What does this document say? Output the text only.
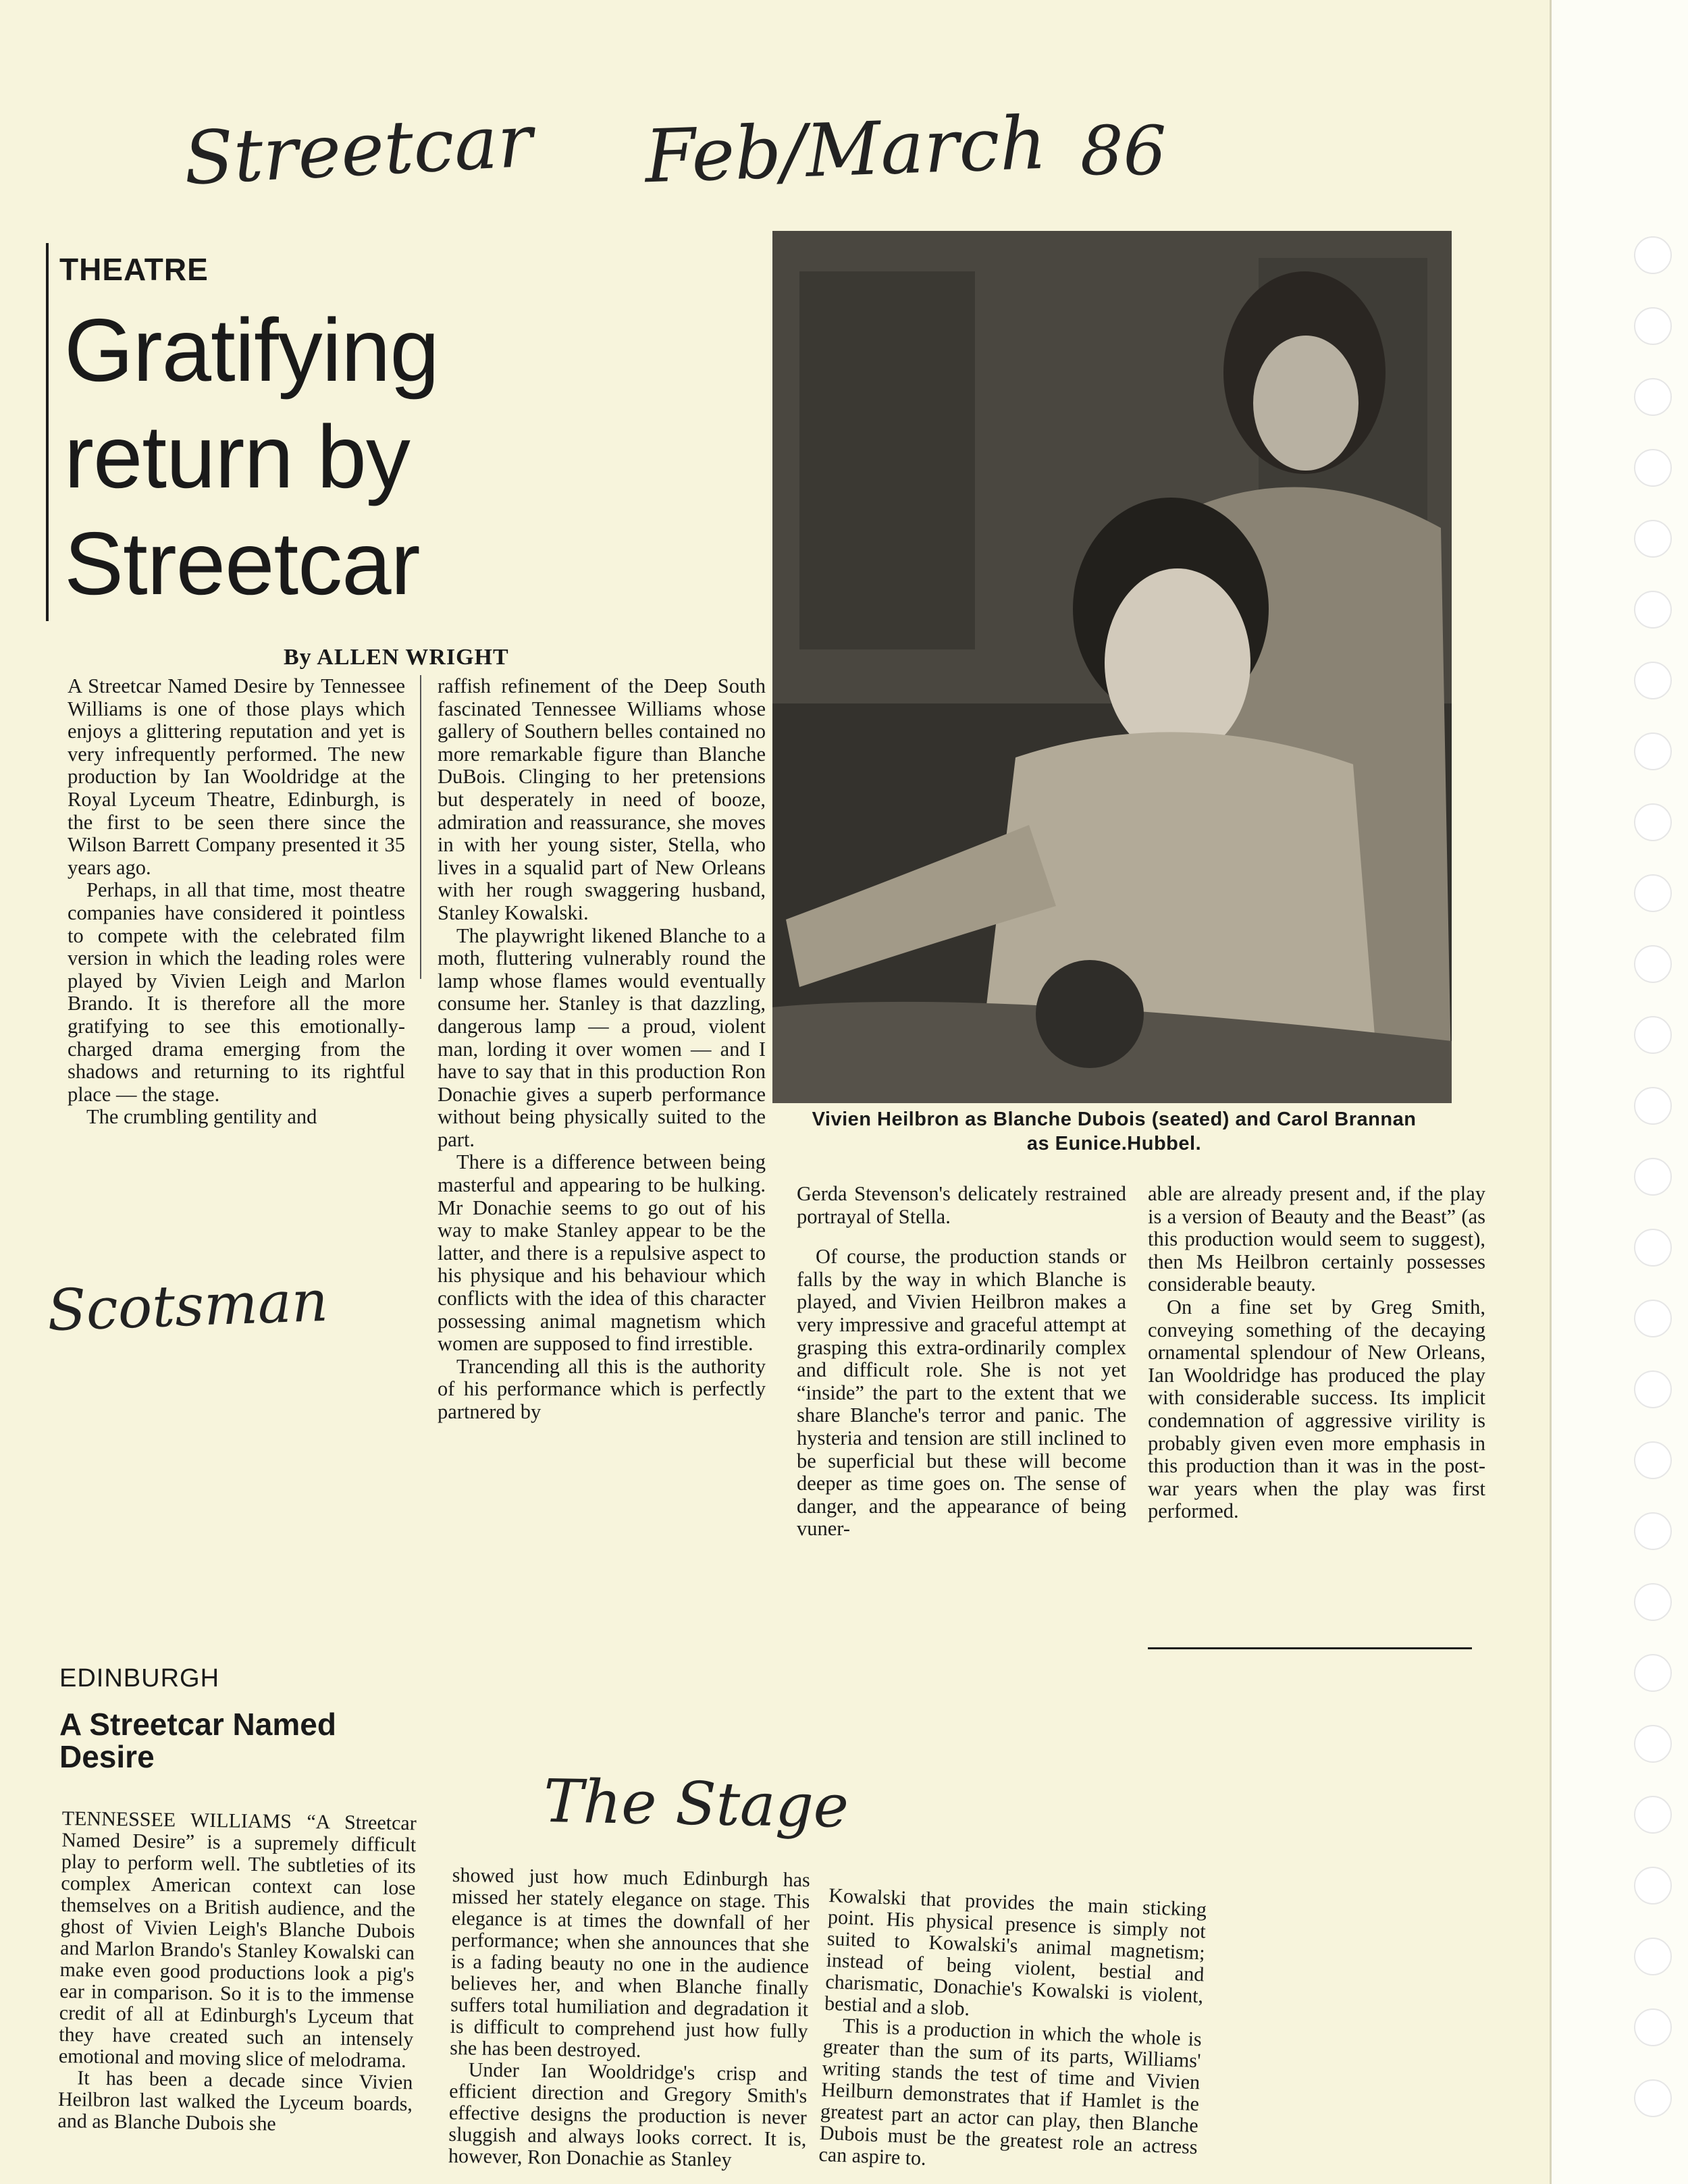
Streetcar Feb/March 86
Scotsman
The Stage
THEATRE
Gratifying
return by
Streetcar
By ALLEN WRIGHT

A Streetcar Named Desire by Tennessee Williams is one of those plays which enjoys a glittering reputation and yet is very infrequently performed. The new production by Ian Wooldridge at the Royal Lyceum Theatre, Edinburgh, is the first to be seen there since the Wilson Barrett Company presented it 35 years ago.

Perhaps, in all that time, most theatre companies have considered it pointless to compete with the celebrated film version in which the leading roles were played by Vivien Leigh and Marlon Brando. It is therefore all the more gratifying to see this emotionally-charged drama emerging from the shadows and returning to its rightful place — the stage.

The crumbling gentility and

raffish refinement of the Deep South fascinated Tennessee Williams whose gallery of Southern belles contained no more remarkable figure than Blanche DuBois. Clinging to her pretensions but desperately in need of booze, admiration and reassurance, she moves in with her young sister, Stella, who lives in a squalid part of New Orleans with her rough swaggering husband, Stanley Kowalski.

The playwright likened Blanche to a moth, fluttering vulnerably round the lamp whose flames would eventually consume her. Stanley is that dazzling, dangerous lamp — a proud, violent man, lording it over women — and I have to say that in this production Ron Donachie gives a superb performance without being physically suited to the part.

There is a difference between being masterful and appearing to be hulking. Mr Donachie seems to go out of his way to make Stanley appear to be the latter, and there is a repulsive aspect to his physique and his behaviour which conflicts with the idea of this character possessing animal magnetism which women are supposed to find irrestible.

Trancending all this is the authority of his performance which is perfectly partnered by

Vivien Heilbron as Blanche Dubois (seated) and Carol Brannan
as Eunice.Hubbel.

Gerda Stevenson's delicately restrained portrayal of Stella.

Of course, the production stands or falls by the way in which Blanche is played, and Vivien Heilbron makes a very impressive and graceful attempt at grasping this extra-ordinarily complex and difficult role. She is not yet “inside” the part to the extent that we share Blanche's terror and panic. The hysteria and tension are still inclined to be superficial but these will become deeper as time goes on. The sense of danger, and the appearance of being vuner-

able are already present and, if the play is a version of Beauty and the Beast” (as this production would seem to suggest), then Ms Heilbron certainly possesses considerable beauty.

On a fine set by Greg Smith, conveying something of the decaying ornamental splendour of New Orleans, Ian Wooldridge has produced the play with considerable success. Its implicit condemnation of aggressive virility is probably given even more emphasis in this production than it was in the post-war years when the play was first performed.

EDINBURGH
A Streetcar Named
Desire

TENNESSEE WILLIAMS “A Streetcar Named Desire” is a supremely difficult play to perform well. The subtleties of its complex American context can lose themselves on a British audience, and the ghost of Vivien Leigh's Blanche Dubois and Marlon Brando's Stanley Kowalski can make even good productions look a pig's ear in comparison. So it is to the immense credit of all at Edinburgh's Lyceum that they have created such an intensely emotional and moving slice of melodrama.

It has been a decade since Vivien Heilbron last walked the Lyceum boards, and as Blanche Dubois she

showed just how much Edinburgh has missed her stately elegance on stage. This elegance is at times the downfall of her performance; when she announces that she is a fading beauty no one in the audience believes her, and when Blanche finally suffers total humiliation and degradation it is difficult to comprehend just how fully she has been destroyed.

Under Ian Wooldridge's crisp and efficient direction and Gregory Smith's effective designs the production is never sluggish and always looks correct. It is, however, Ron Donachie as Stanley

Kowalski that provides the main sticking point. His physical presence is simply not suited to Kowalski's animal magnetism; instead of being violent, bestial and charismatic, Donachie's Kowalski is violent, bestial and a slob.

This is a production in which the whole is greater than the sum of its parts, Williams' writing stands the test of time and Vivien Heilburn demonstrates that if Hamlet is the greatest part an actor can play, then Blanche Dubois must be the greatest role an actress can aspire to.
